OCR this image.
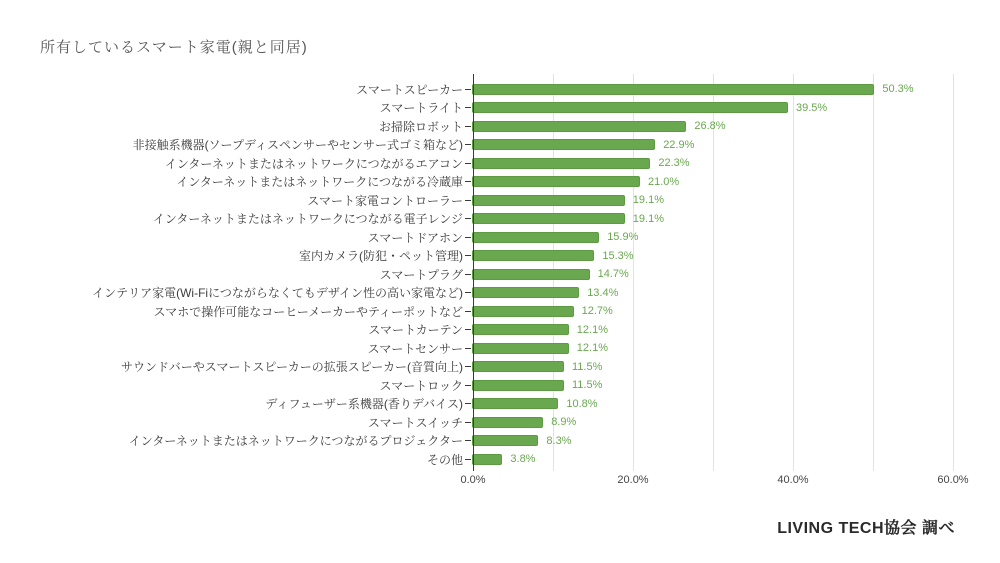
所有しているスマート家電(親と同居)
スマートスピーカー	50.3%
スマートライト	39.5%
お掃除ロボット	26.8%
非接触系機器(ソープディスペンサーやセンサー式ゴミ箱など)	22.9%
インターネットまたはネットワークにつながるエアコン	22.3%
インターネットまたはネットワークにつながる冷蔵庫	21.0%
スマート家電コントローラー	19.1%
インターネットまたはネットワークにつながる電子レンジ	19.1%
スマートドアホン	15.9%
室内カメラ(防犯・ペット管理)	15.3%
スマートプラグ	14.7%
インテリア家電(Wi-Fiにつながらなくてもデザイン性の高い家電など)	13.4%
スマホで操作可能なコーヒーメーカーやティーポットなど	12.7%
スマートカーテン	12.1%
スマートセンサー	12.1%
サウンドバーやスマートスピーカーの拡張スピーカー(音質向上)	11.5%
スマートロック	11.5%
ディフューザー系機器(香りデバイス)	10.8%
スマートスイッチ	8.9%
インターネットまたはネットワークにつながるプロジェクター	8.3%
その他	3.8%
0.0%	20.0%	40.0%	60.0%
LIVING TECH協会 調べ
